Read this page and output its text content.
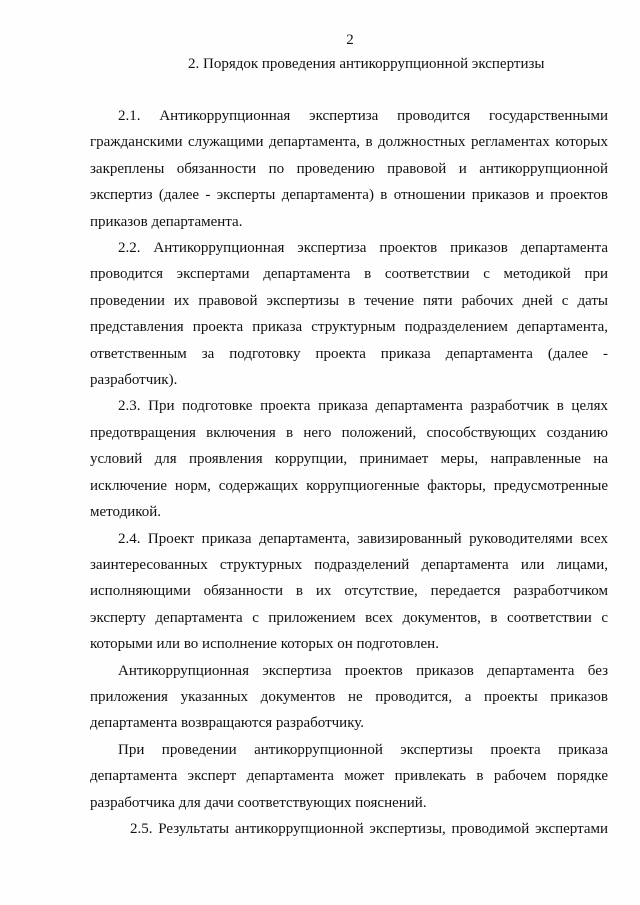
2
2. Порядок проведения антикоррупционной экспертизы
2.1. Антикоррупционная экспертиза проводится государственными
гражданскими служащими департамента, в должностных регламентах которых
закреплены обязанности по проведению правовой и антикоррупционной
экспертиз (далее - эксперты департамента) в отношении приказов и проектов
приказов департамента.
2.2. Антикоррупционная экспертиза проектов приказов департамента
проводится экспертами департамента в соответствии с методикой при
проведении их правовой экспертизы в течение пяти рабочих дней с даты
представления проекта приказа структурным подразделением департамента,
ответственным за подготовку проекта приказа департамента (далее -
разработчик).
2.3. При подготовке проекта приказа департамента разработчик в целях
предотвращения включения в него положений, способствующих созданию
условий для проявления коррупции, принимает меры, направленные на
исключение норм, содержащих коррупциогенные факторы, предусмотренные
методикой.
2.4. Проект приказа департамента, завизированный руководителями всех
заинтересованных структурных подразделений департамента или лицами,
исполняющими обязанности в их отсутствие, передается разработчиком
эксперту департамента с приложением всех документов, в соответствии с
которыми или во исполнение которых он подготовлен.
Антикоррупционная экспертиза проектов приказов департамента без
приложения указанных документов не проводится, а проекты приказов
департамента возвращаются разработчику.
При проведении антикоррупционной экспертизы проекта приказа
департамента эксперт департамента может привлекать в рабочем порядке
разработчика для дачи соответствующих пояснений.
2.5. Результаты антикоррупционной экспертизы, проводимой экспертами
